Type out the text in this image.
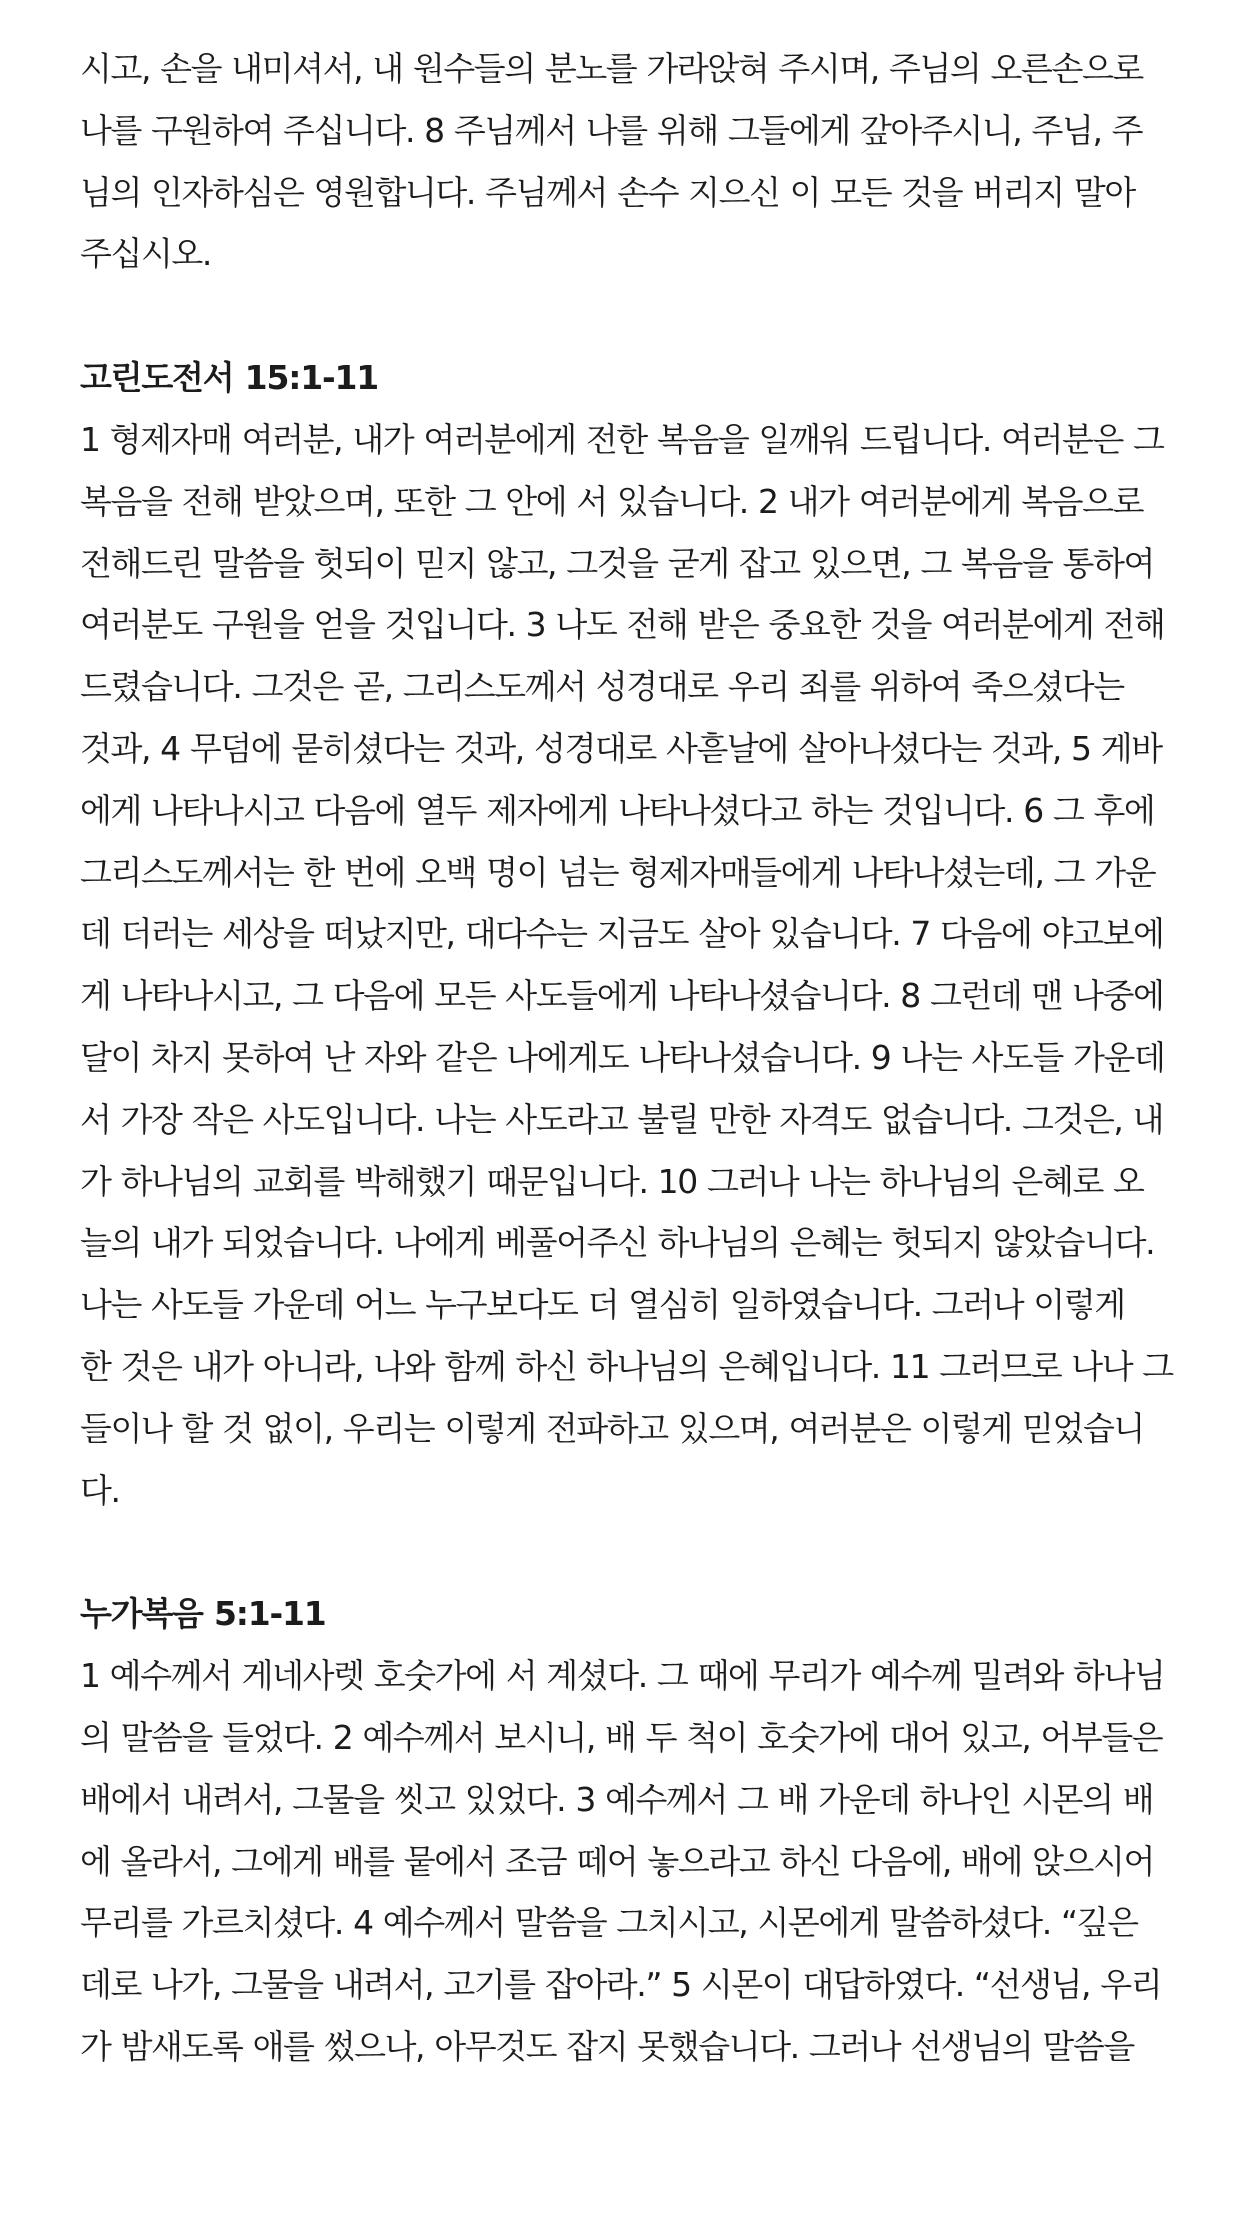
시고, 손을 내미셔서, 내 원수들의 분노를 가라앉혀 주시며, 주님의 오른손으로
나를 구원하여 주십니다. 8 주님께서 나를 위해 그들에게 갚아주시니, 주님, 주
님의 인자하심은 영원합니다. 주님께서 손수 지으신 이 모든 것을 버리지 말아
주십시오.

고린도전서 15:1-11

1 형제자매 여러분, 내가 여러분에게 전한 복음을 일깨워 드립니다. 여러분은 그
복음을 전해 받았으며, 또한 그 안에 서 있습니다. 2 내가 여러분에게 복음으로
전해드린 말씀을 헛되이 믿지 않고, 그것을 굳게 잡고 있으면, 그 복음을 통하여
여러분도 구원을 얻을 것입니다. 3 나도 전해 받은 중요한 것을 여러분에게 전해
드렸습니다. 그것은 곧, 그리스도께서 성경대로 우리 죄를 위하여 죽으셨다는
것과, 4 무덤에 묻히셨다는 것과, 성경대로 사흗날에 살아나셨다는 것과, 5 게바
에게 나타나시고 다음에 열두 제자에게 나타나셨다고 하는 것입니다. 6 그 후에
그리스도께서는 한 번에 오백 명이 넘는 형제자매들에게 나타나셨는데, 그 가운
데 더러는 세상을 떠났지만, 대다수는 지금도 살아 있습니다. 7 다음에 야고보에
게 나타나시고, 그 다음에 모든 사도들에게 나타나셨습니다. 8 그런데 맨 나중에
달이 차지 못하여 난 자와 같은 나에게도 나타나셨습니다. 9 나는 사도들 가운데
서 가장 작은 사도입니다. 나는 사도라고 불릴 만한 자격도 없습니다. 그것은, 내
가 하나님의 교회를 박해했기 때문입니다. 10 그러나 나는 하나님의 은혜로 오
늘의 내가 되었습니다. 나에게 베풀어주신 하나님의 은혜는 헛되지 않았습니다.
나는 사도들 가운데 어느 누구보다도 더 열심히 일하였습니다. 그러나 이렇게
한 것은 내가 아니라, 나와 함께 하신 하나님의 은혜입니다. 11 그러므로 나나 그
들이나 할 것 없이, 우리는 이렇게 전파하고 있으며, 여러분은 이렇게 믿었습니
다.

누가복음 5:1-11

1 예수께서 게네사렛 호숫가에 서 계셨다. 그 때에 무리가 예수께 밀려와 하나님
의 말씀을 들었다. 2 예수께서 보시니, 배 두 척이 호숫가에 대어 있고, 어부들은
배에서 내려서, 그물을 씻고 있었다. 3 예수께서 그 배 가운데 하나인 시몬의 배
에 올라서, 그에게 배를 뭍에서 조금 떼어 놓으라고 하신 다음에, 배에 앉으시어
무리를 가르치셨다. 4 예수께서 말씀을 그치시고, 시몬에게 말씀하셨다. “깊은
데로 나가, 그물을 내려서, 고기를 잡아라.” 5 시몬이 대답하였다. “선생님, 우리
가 밤새도록 애를 썼으나, 아무것도 잡지 못했습니다. 그러나 선생님의 말씀을
